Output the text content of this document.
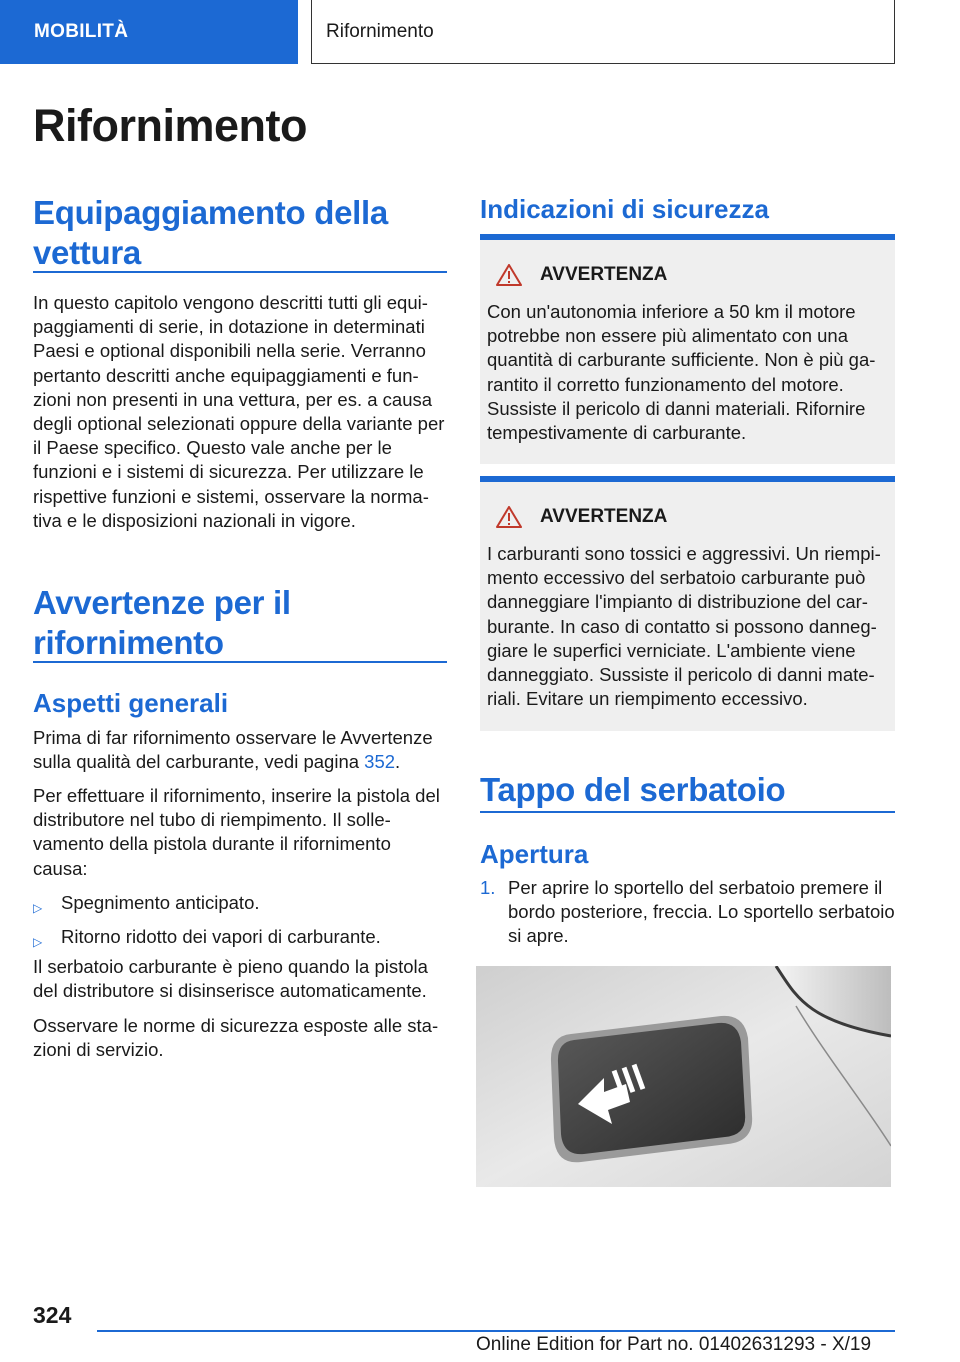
MOBILITÀ	Rifornimento
Rifornimento
Equipaggiamento della vettura
In questo capitolo vengono descritti tutti gli equipaggiamenti di serie, in dotazione in determinati Paesi e optional disponibili nella serie. Verranno pertanto descritti anche equipaggiamenti e funzioni non presenti in una vettura, per es. a causa degli optional selezionati oppure della variante per il Paese specifico. Questo vale anche per le funzioni e i sistemi di sicurezza. Per utilizzare le rispettive funzioni e sistemi, osservare la normativa e le disposizioni nazionali in vigore.
Avvertenze per il rifornimento
Aspetti generali
Prima di far rifornimento osservare le Avvertenze sulla qualità del carburante, vedi pagina 352.
Per effettuare il rifornimento, inserire la pistola del distributore nel tubo di riempimento. Il sollevamento della pistola durante il rifornimento causa:
▷	Spegnimento anticipato.
▷	Ritorno ridotto dei vapori di carburante.
Il serbatoio carburante è pieno quando la pistola del distributore si disinserisce automaticamente.
Osservare le norme di sicurezza esposte alle stazioni di servizio.
Indicazioni di sicurezza
AVVERTENZA
Con un'autonomia inferiore a 50 km il motore potrebbe non essere più alimentato con una quantità di carburante sufficiente. Non è più garantito il corretto funzionamento del motore. Sussiste il pericolo di danni materiali. Rifornire tempestivamente di carburante.
AVVERTENZA
I carburanti sono tossici e aggressivi. Un riempimento eccessivo del serbatoio carburante può danneggiare l'impianto di distribuzione del carburante. In caso di contatto si possono danneggiare le superfici verniciate. L'ambiente viene danneggiato. Sussiste il pericolo di danni materiali. Evitare un riempimento eccessivo.
Tappo del serbatoio
Apertura
1. Per aprire lo sportello del serbatoio premere il bordo posteriore, freccia. Lo sportello serbatoio si apre.
324
Online Edition for Part no. 01402631293 - X/19
